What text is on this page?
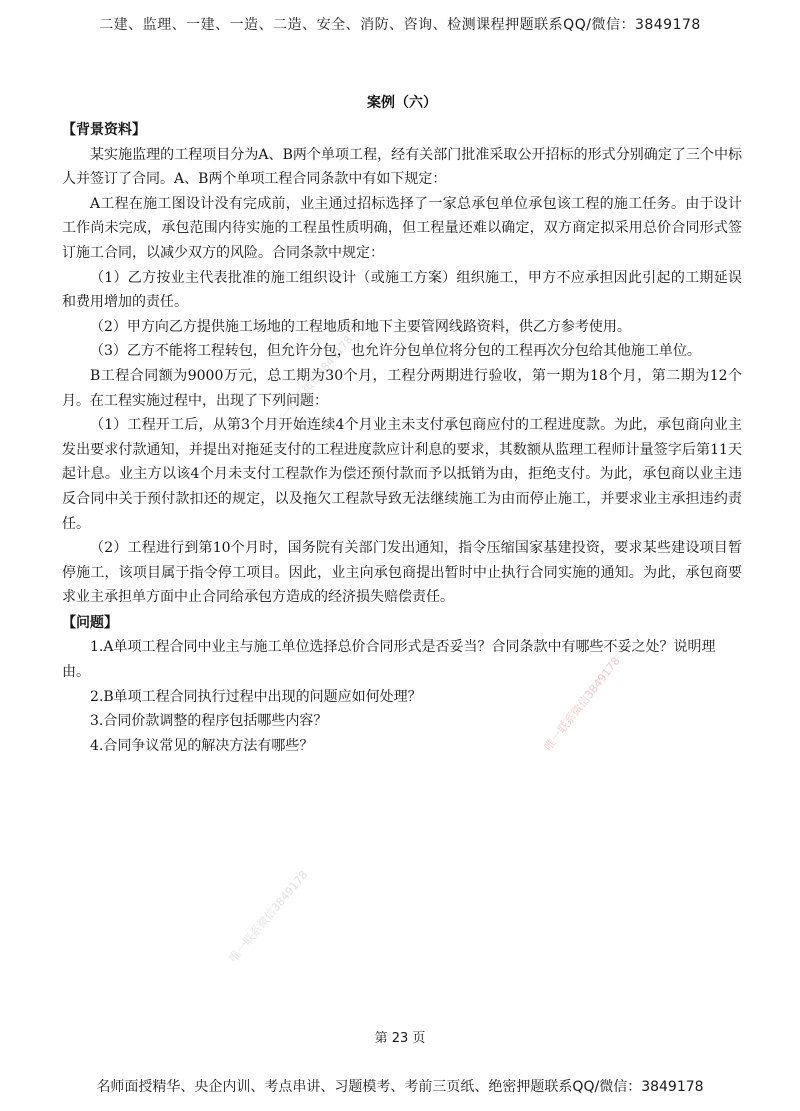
二建、监理、一建、一造、二造、安全、消防、咨询、检测课程押题联系QQ/微信：3849178
案例（六）

【背景资料】

某实施监理的工程项目分为A、B两个单项工程，经有关部门批准采取公开招标的形式分别确定了三个中标人并签订了合同。A、B两个单项工程合同条款中有如下规定：

A工程在施工图设计没有完成前，业主通过招标选择了一家总承包单位承包该工程的施工任务。由于设计工作尚未完成，承包范围内待实施的工程虽性质明确，但工程量还难以确定，双方商定拟采用总价合同形式签订施工合同，以减少双方的风险。合同条款中规定：

（1）乙方按业主代表批准的施工组织设计（或施工方案）组织施工，甲方不应承担因此引起的工期延误和费用增加的责任。

（2）甲方向乙方提供施工场地的工程地质和地下主要管网线路资料，供乙方参考使用。

（3）乙方不能将工程转包，但允许分包，也允许分包单位将分包的工程再次分包给其他施工单位。

B工程合同额为9000万元，总工期为30个月，工程分两期进行验收，第一期为18个月，第二期为12个月。在工程实施过程中，出现了下列问题：

（1）工程开工后，从第3个月开始连续4个月业主未支付承包商应付的工程进度款。为此，承包商向业主发出要求付款通知，并提出对拖延支付的工程进度款应计利息的要求，其数额从监理工程师计量签字后第11天起计息。业主方以该4个月未支付工程款作为偿还预付款而予以抵销为由，拒绝支付。为此，承包商以业主违反合同中关于预付款扣还的规定，以及拖欠工程款导致无法继续施工为由而停止施工，并要求业主承担违约责任。

（2）工程进行到第10个月时，国务院有关部门发出通知，指令压缩国家基建投资，要求某些建设项目暂停施工，该项目属于指令停工项目。因此，业主向承包商提出暂时中止执行合同实施的通知。为此，承包商要求业主承担单方面中止合同给承包方造成的经济损失赔偿责任。

【问题】

1.A单项工程合同中业主与施工单位选择总价合同形式是否妥当？合同条款中有哪些不妥之处？说明理由。

2.B单项工程合同执行过程中出现的问题应如何处理？

3.合同价款调整的程序包括哪些内容？

4.合同争议常见的解决方法有哪些？	唯一联系微信3849178
唯一联系微信3849178
唯一联系微信3849178
第 23 页
名师面授精华、央企内训、考点串讲、习题模考、考前三页纸、绝密押题联系QQ/微信：3849178
